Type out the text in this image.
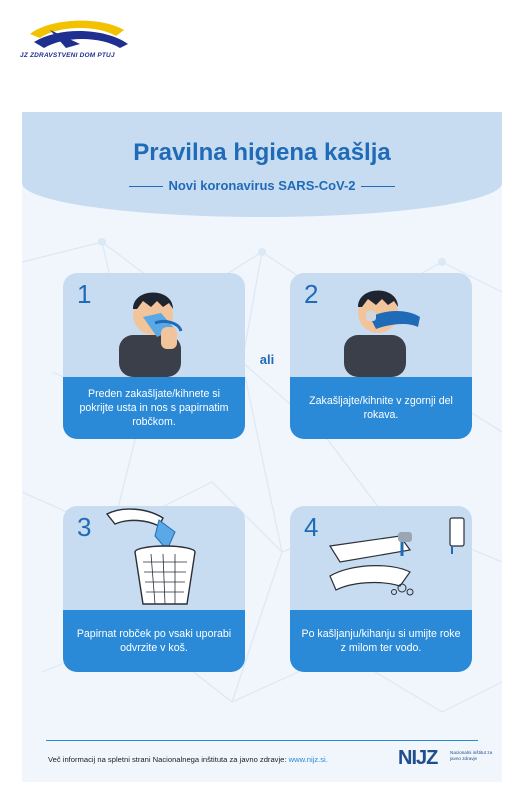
JZ ZDRAVSTVENI DOM PTUJ
Pravilna higiena kašlja
Novi koronavirus SARS-CoV-2
1
Preden zakašljate/kihnete si pokrijte usta in nos s papirnatim robčkom.
ali
2
Zakašljajte/kihnite v zgornji del rokava.
3
Papirnat robček po vsaki uporabi odvrzite v koš.
4
Po kašljanju/kihanju si umijte roke z milom ter vodo.
Več informacij na spletni strani Nacionalnega inštituta za javno zdravje: www.nijz.si.	NIJZ	Nacionalni inštitut za javno zdravje
